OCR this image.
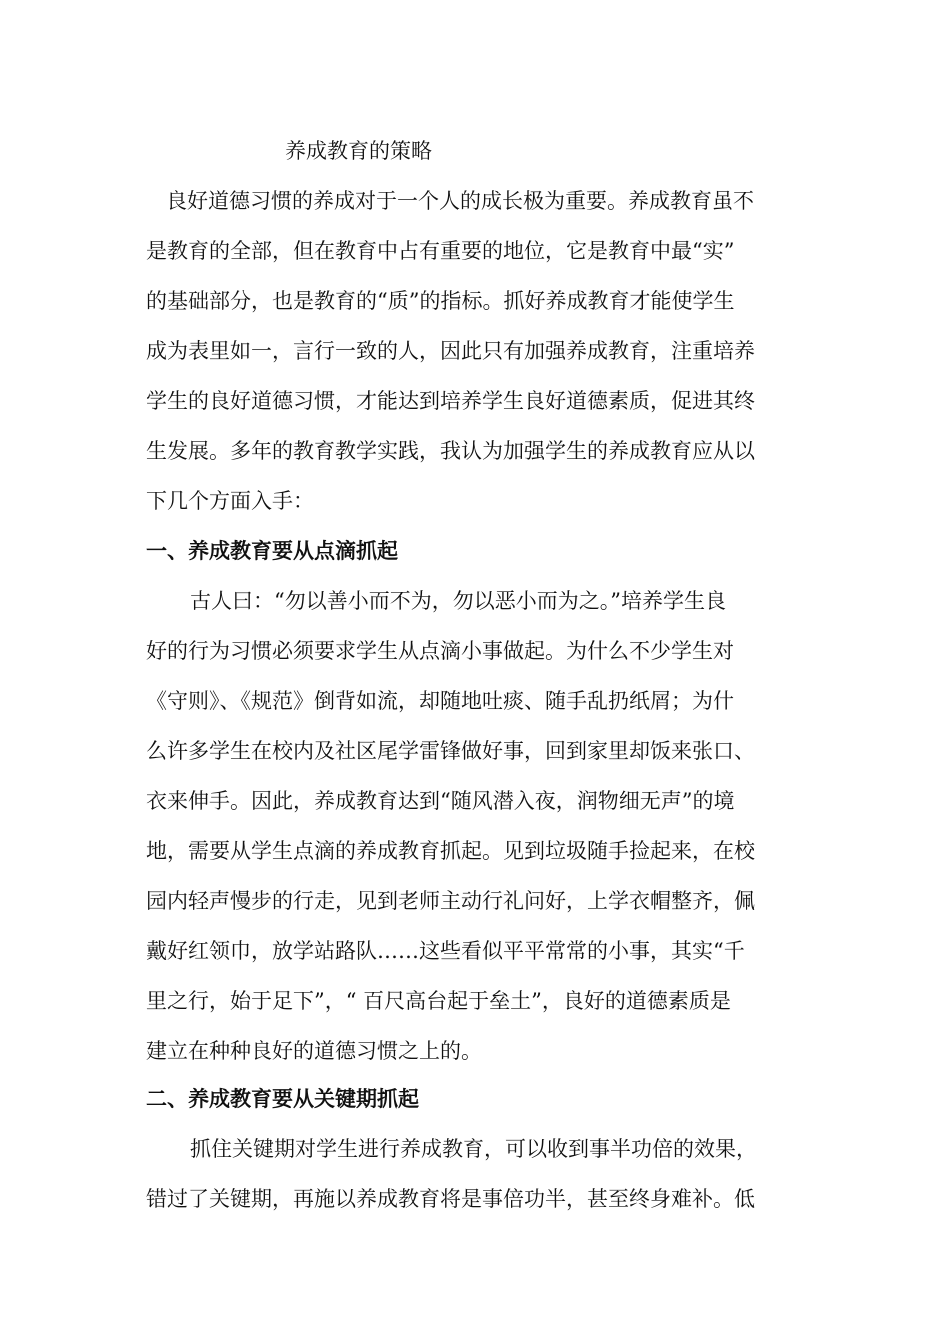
养成教育的策略
良好道德习惯的养成对于一个人的成长极为重要。养成教育虽不
是教育的全部，但在教育中占有重要的地位，它是教育中最“实”
的基础部分，也是教育的“质”的指标。抓好养成教育才能使学生
成为表里如一，言行一致的人，因此只有加强养成教育，注重培养
学生的良好道德习惯，才能达到培养学生良好道德素质，促进其终
生发展。多年的教育教学实践，我认为加强学生的养成教育应从以
下几个方面入手：
一、养成教育要从点滴抓起
古人曰：“勿以善小而不为，勿以恶小而为之。”培养学生良
好的行为习惯必须要求学生从点滴小事做起。为什么不少学生对
《守则》、《规范》倒背如流，却随地吐痰、随手乱扔纸屑；为什
么许多学生在校内及社区尾学雷锋做好事，回到家里却饭来张口、
衣来伸手。因此，养成教育达到“随风潜入夜，润物细无声”的境
地，需要从学生点滴的养成教育抓起。见到垃圾随手捡起来，在校
园内轻声慢步的行走，见到老师主动行礼问好，上学衣帽整齐，佩
戴好红领巾，放学站路队……这些看似平平常常的小事，其实“千
里之行，始于足下”，“ 百尺高台起于垒土”，良好的道德素质是
建立在种种良好的道德习惯之上的。
二、养成教育要从关键期抓起
抓住关键期对学生进行养成教育，可以收到事半功倍的效果，
错过了关键期，再施以养成教育将是事倍功半，甚至终身难补。低
